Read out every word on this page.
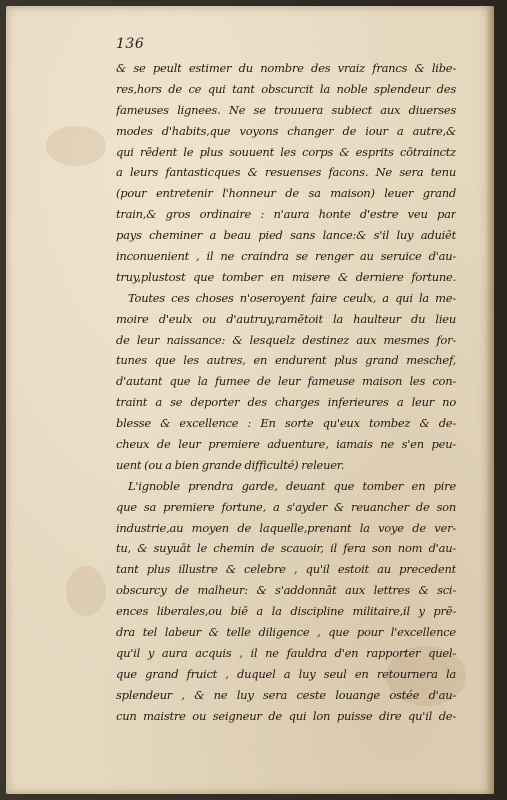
136
& se peult estimer du nombre des vraiz francs & libe-
res,hors de ce qui tant obscurcit la noble splendeur des
fameuses lignees. Ne se trouuera subiect aux diuerses
modes d'habits,que voyons changer de iour a autre,&
qui rēdent le plus souuent les corps & esprits cōtrainctz
a leurs fantasticques & resuenses facons. Ne sera tenu
(pour entretenir l'honneur de sa maison) leuer grand
train,& gros ordinaire : n'aura honte d'estre veu par
pays cheminer a beau pied sans lance:& s'il luy aduiēt
inconuenient , il ne craindra se renger au seruice d'au-
truy,plustost que tomber en misere & derniere fortune.
Toutes ces choses n'oseroyent faire ceulx, a qui la me-
moire d'eulx ou d'autruy,ramētoit la haulteur du lieu
de leur naissance: & lesquelz destinez aux mesmes for-
tunes que les autres, en endurent plus grand meschef,
d'autant que la fumee de leur fameuse maison les con-
traint a se deporter des charges inferieures a leur no
blesse & excellence : En sorte qu'eux tombez & de-
cheux de leur premiere aduenture, iamais ne s'en peu-
uent (ou a bien grande difficulté) releuer.
L'ignoble prendra garde, deuant que tomber en pire
que sa premiere fortune, a s'ayder & reuancher de son
industrie,au moyen de laquelle,prenant la voye de ver-
tu, & suyuāt le chemin de scauoir, il fera son nom d'au-
tant plus illustre & celebre , qu'il estoit au precedent
obscurcy de malheur: & s'addonnāt aux lettres & sci-
ences liberales,ou biē a la discipline militaire,il y prē-
dra tel labeur & telle diligence , que pour l'excellence
qu'il y aura acquis , il ne fauldra d'en rapporter quel-
que grand fruict , duquel a luy seul en retournera la
splendeur , & ne luy sera ceste louange ostée d'au-
cun maistre ou seigneur de qui lon puisse dire qu'il de-
